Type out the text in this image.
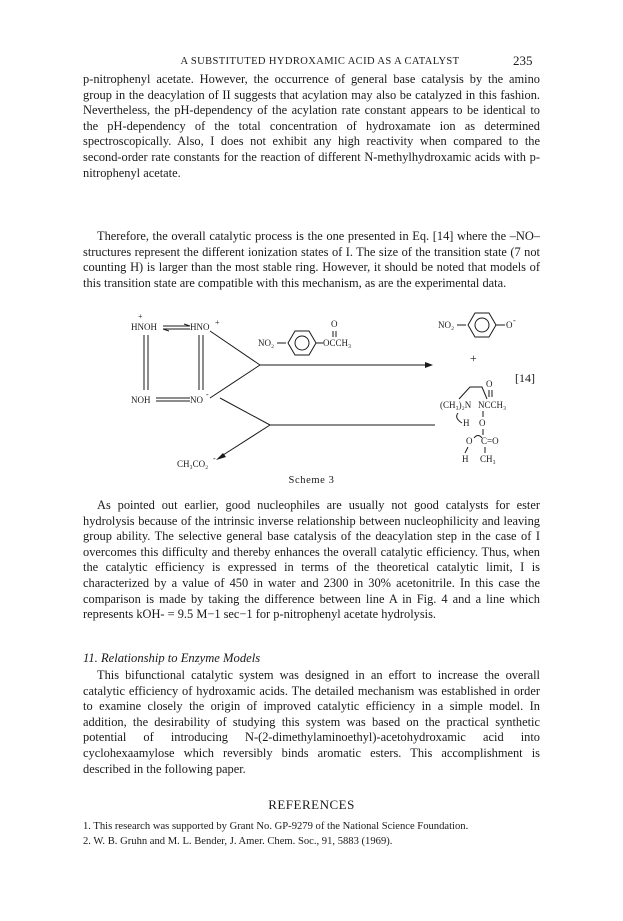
A SUBSTITUTED HYDROXAMIC ACID AS A CATALYST	235

p-nitrophenyl acetate. However, the occurrence of general base catalysis by the amino group in the deacylation of II suggests that acylation may also be catalyzed in this fashion. Nevertheless, the pH-dependency of the acylation rate constant appears to be identical to the pH-dependency of the total concentration of hydroxamate ion as determined spectroscopically. Also, I does not exhibit any high reactivity when compared to the second-order rate constants for the reaction of different N-methylhydroxamic acids with p-nitrophenyl acetate.

Therefore, the overall catalytic process is the one presented in Eq. [14] where the –NO– structures represent the different ionization states of I. The size of the transition state (7 not counting H) is larger than the most stable ring. However, it should be noted that models of this transition state are compatible with this mechanism, as are the experimental data.

HNOH
+
HNO +
NOH	NO
-
NO₂	OCCH₃
O	NO₂	O -
+
(CH₃)₂N NCCH₃
O
H O
O C=O
H CH₃
CH₃CO₂
-
[14]
Scheme 3

As pointed out earlier, good nucleophiles are usually not good catalysts for ester hydrolysis because of the intrinsic inverse relationship between nucleophilicity and leaving group ability. The selective general base catalysis of the deacylation step in the case of I overcomes this difficulty and thereby enhances the overall catalytic efficiency. Thus, when the catalytic efficiency is expressed in terms of the theoretical catalytic limit, I is characterized by a value of 450 in water and 2300 in 30% acetonitrile. In this case the comparison is made by taking the difference between line A in Fig. 4 and a line which represents kOH- = 9.5 M−1 sec−1 for p-nitrophenyl acetate hydrolysis.

11. Relationship to Enzyme Models

This bifunctional catalytic system was designed in an effort to increase the overall catalytic efficiency of hydroxamic acids. The detailed mechanism was established in order to examine closely the origin of improved catalytic efficiency in a simple model. In addition, the desirability of studying this system was based on the practical synthetic potential of introducing N-(2-dimethylaminoethyl)-acetohydroxamic acid into cyclohexaamylose which reversibly binds aromatic esters. This accomplishment is described in the following paper.

REFERENCES
1. This research was supported by Grant No. GP-9279 of the National Science Foundation.
2. W. B. Gruhn and M. L. Bender, J. Amer. Chem. Soc., 91, 5883 (1969).
